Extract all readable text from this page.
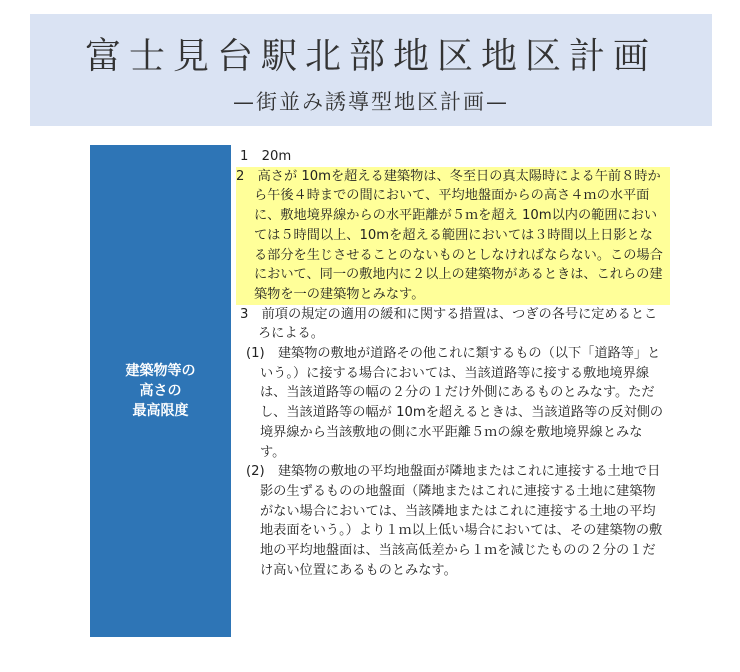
富士見台駅北部地区地区計画
—街並み誘導型地区計画—
建築物等の
高さの
最高限度

1　20m

2　高さが 10mを超える建築物は、冬至日の真太陽時による午前８時から午後４時までの間において、平均地盤面からの高さ４ｍの水平面に、敷地境界線からの水平距離が５ｍを超え 10m以内の範囲においては５時間以上、10mを超える範囲においては３時間以上日影となる部分を生じさせることのないものとしなければならない。この場合において、同一の敷地内に２以上の建築物があるときは、これらの建築物を一の建築物とみなす。

3　前項の規定の適用の緩和に関する措置は、つぎの各号に定めるところによる。

(1)　建築物の敷地が道路その他これに類するもの（以下「道路等」という。）に接する場合においては、当該道路等に接する敷地境界線は、当該道路等の幅の２分の１だけ外側にあるものとみなす。ただし、当該道路等の幅が 10mを超えるときは、当該道路等の反対側の境界線から当該敷地の側に水平距離５ｍの線を敷地境界線とみなす。

(2)　建築物の敷地の平均地盤面が隣地またはこれに連接する土地で日影の生ずるものの地盤面（隣地またはこれに連接する土地に建築物がない場合においては、当該隣地またはこれに連接する土地の平均地表面をいう。）より１ｍ以上低い場合においては、その建築物の敷地の平均地盤面は、当該高低差から１ｍを減じたものの２分の１だけ高い位置にあるものとみなす。
